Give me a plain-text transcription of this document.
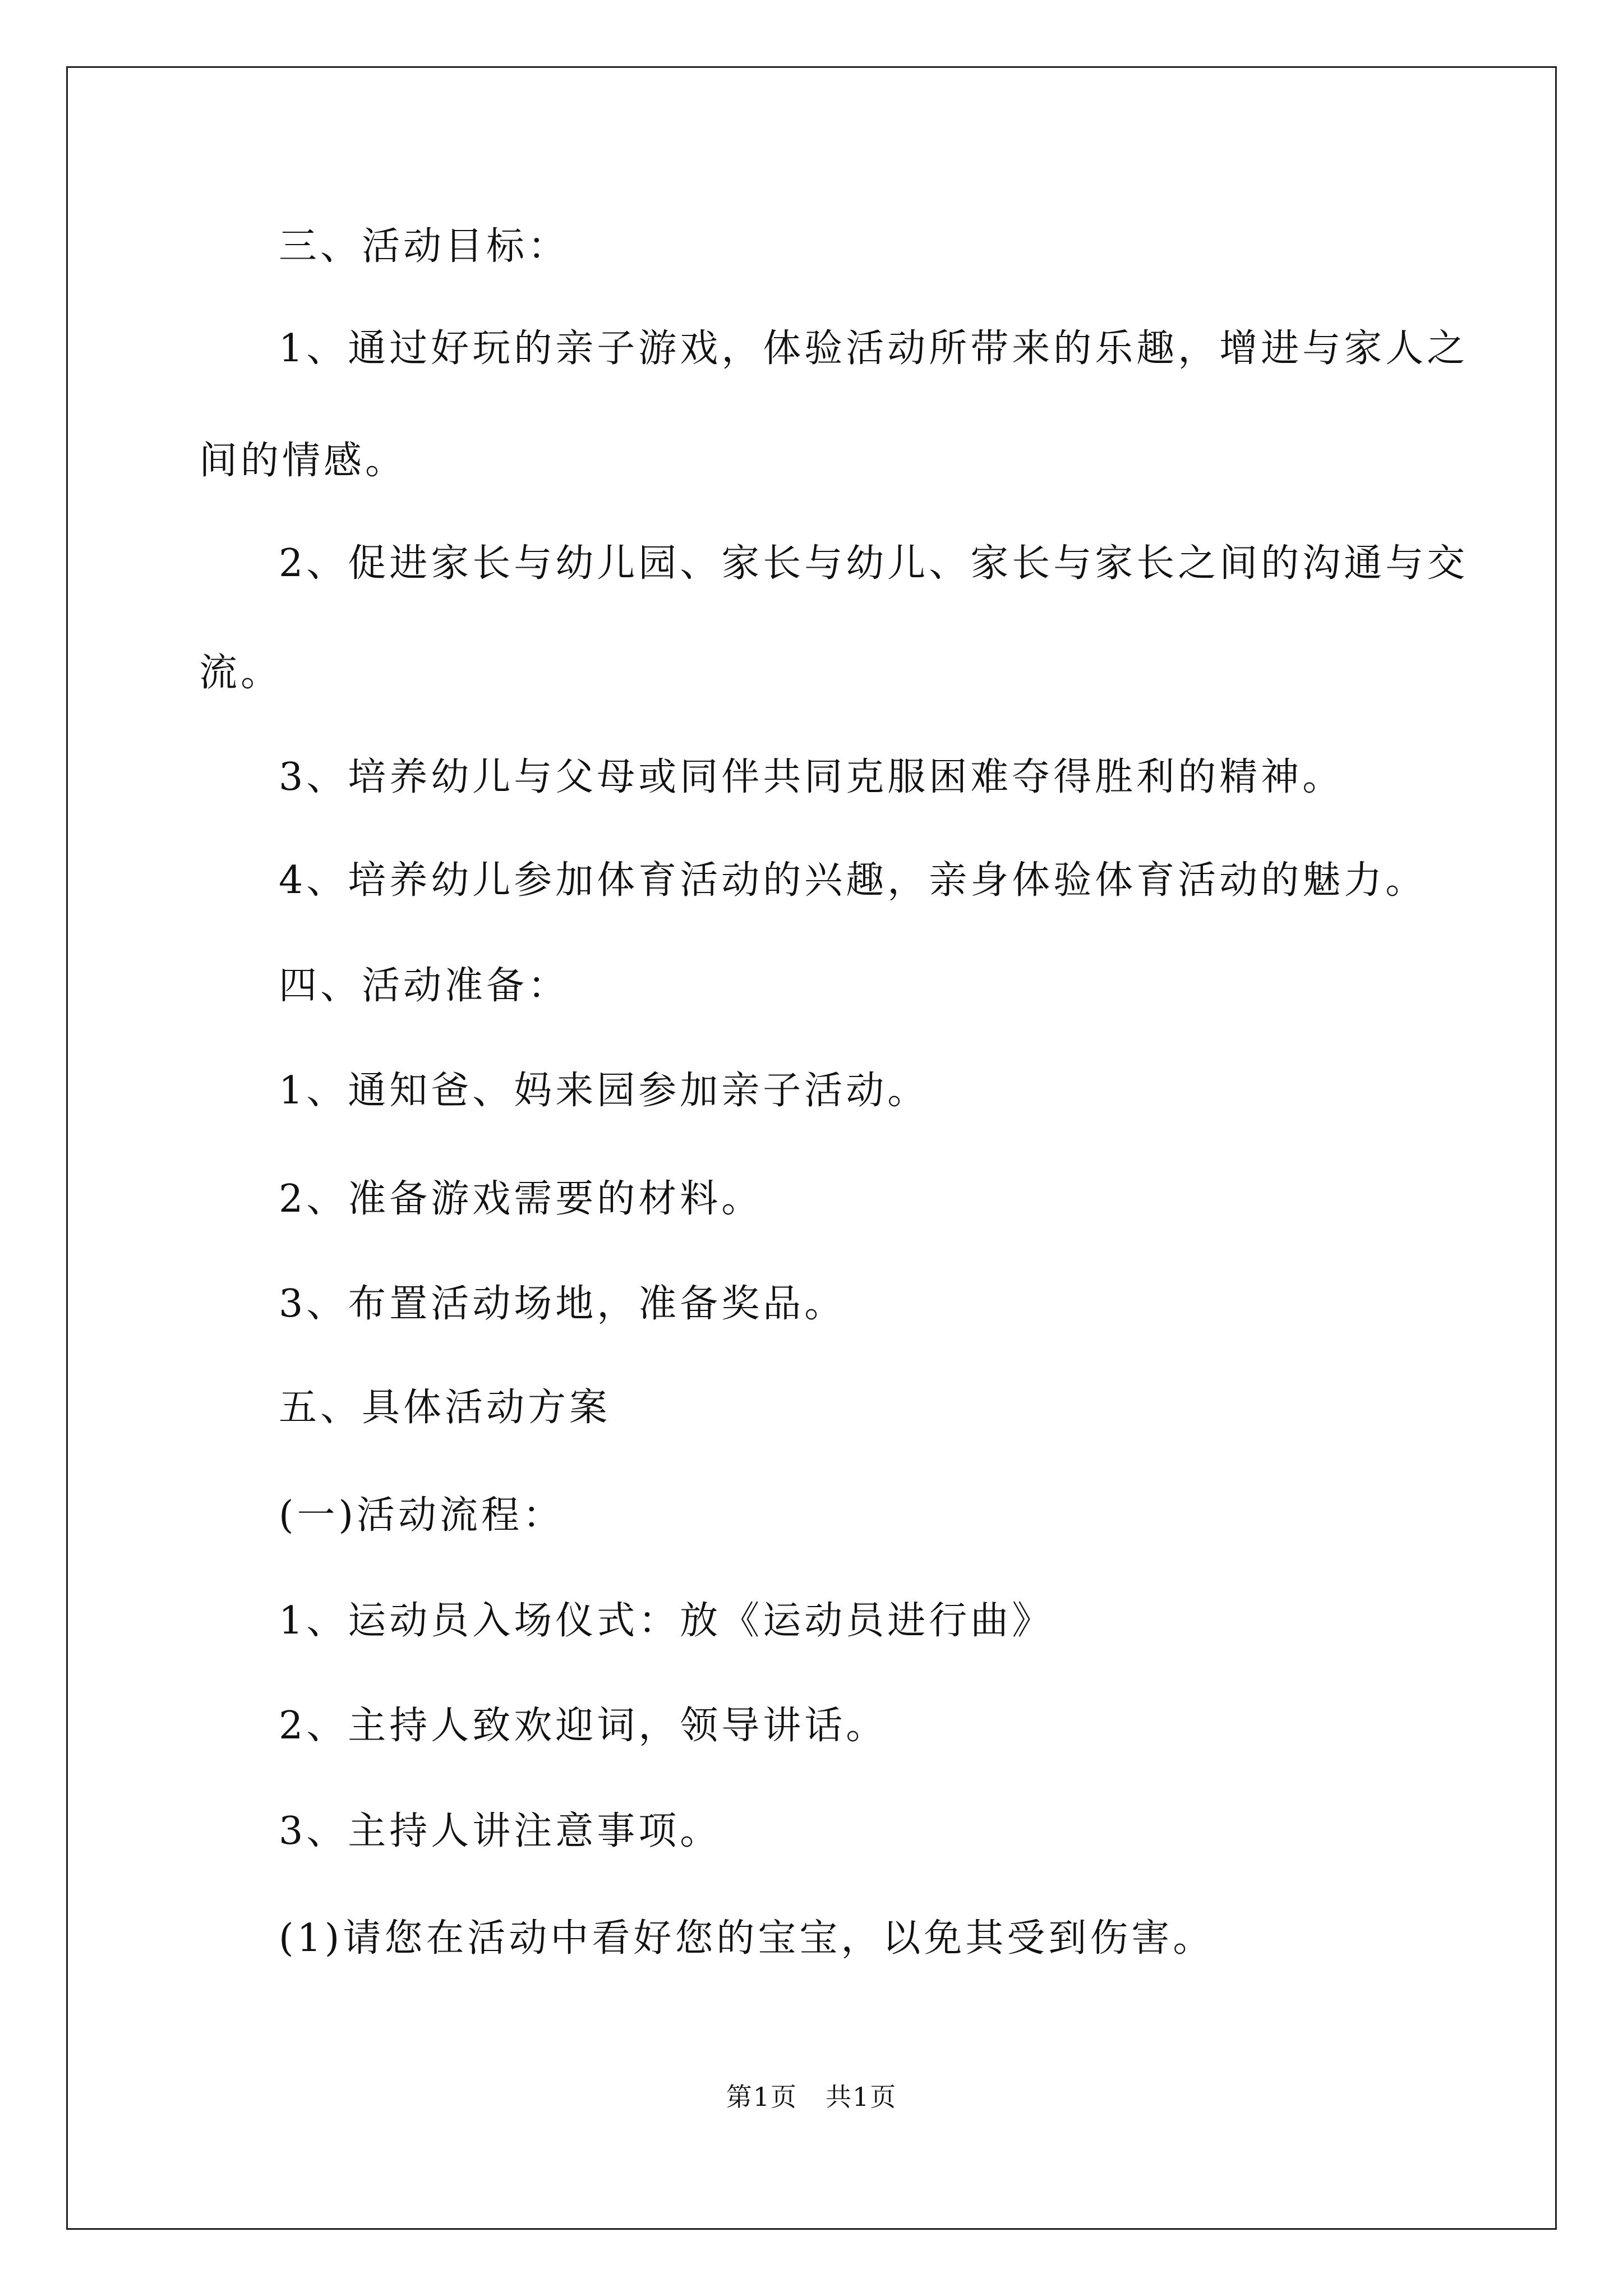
三、活动目标：
1、通过好玩的亲子游戏，体验活动所带来的乐趣，增进与家人之
间的情感。
2、促进家长与幼儿园、家长与幼儿、家长与家长之间的沟通与交
流。
3、培养幼儿与父母或同伴共同克服困难夺得胜利的精神。
4、培养幼儿参加体育活动的兴趣，亲身体验体育活动的魅力。
四、活动准备：
1、通知爸、妈来园参加亲子活动。
2、准备游戏需要的材料。
3、布置活动场地，准备奖品。
五、具体活动方案
(一)活动流程：
1、运动员入场仪式：放《运动员进行曲》
2、主持人致欢迎词，领导讲话。
3、主持人讲注意事项。
(1)请您在活动中看好您的宝宝，以免其受到伤害。
第1页 共1页
